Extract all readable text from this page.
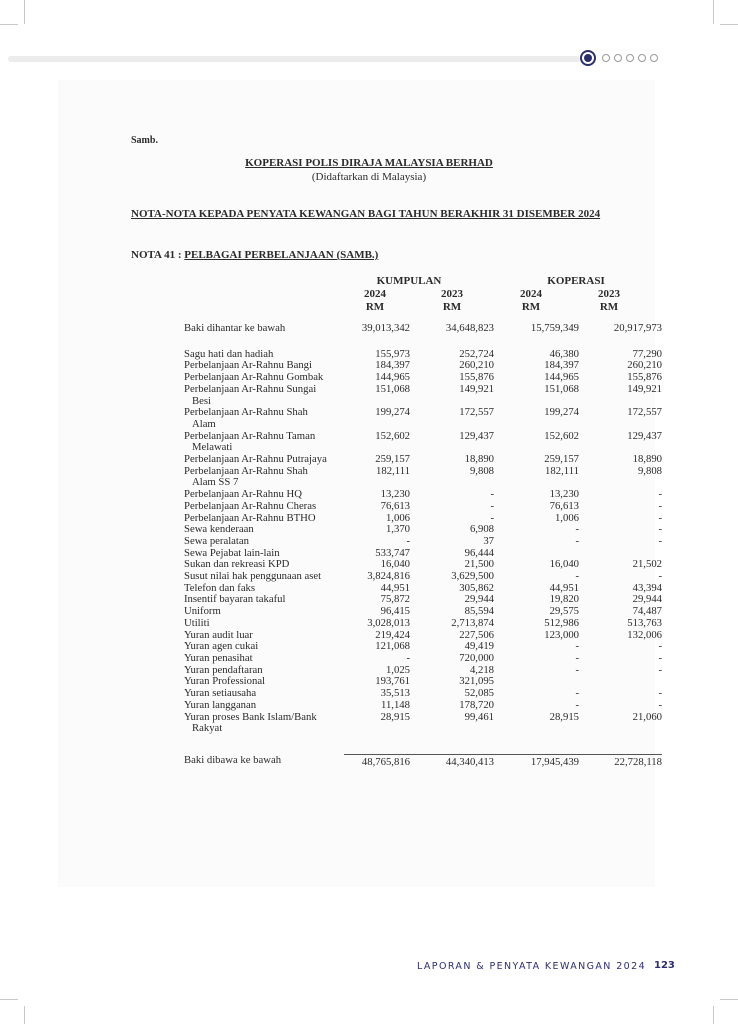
Samb.
KOPERASI POLIS DIRAJA MALAYSIA BERHAD
(Didaftarkan di Malaysia)
NOTA-NOTA KEPADA PENYATA KEWANGAN BAGI TAHUN BERAKHIR 31 DISEMBER 2024
NOTA 41 : PELBAGAI PERBELANJAAN (SAMB.)
KUMPULAN	KOPERASI
2024	2023	2024	2023
RM	RM	RM	RM
Baki dihantar ke bawah	39,013,342	34,648,823	15,759,349	20,917,973

Sagu hati dan hadiah	155,973	252,724	46,380	77,290
Perbelanjaan Ar-Rahnu Bangi	184,397	260,210	184,397	260,210
Perbelanjaan Ar-Rahnu Gombak	144,965	155,876	144,965	155,876
Perbelanjaan Ar-Rahnu Sungai
Besi	151,068	149,921	151,068	149,921
Perbelanjaan Ar-Rahnu Shah
Alam	199,274	172,557	199,274	172,557
Perbelanjaan Ar-Rahnu Taman
Melawati	152,602	129,437	152,602	129,437
Perbelanjaan Ar-Rahnu Putrajaya	259,157	18,890	259,157	18,890
Perbelanjaan Ar-Rahnu Shah
Alam SS 7	182,111	9,808	182,111	9,808
Perbelanjaan Ar-Rahnu HQ	13,230	-	13,230	-
Perbelanjaan Ar-Rahnu Cheras	76,613	-	76,613	-
Perbelanjaan Ar-Rahnu BTHO	1,006	-	1,006	-
Sewa kenderaan	1,370	6,908	-	-
Sewa peralatan	-	37	-	-
Sewa Pejabat lain-lain	533,747	96,444		
Sukan dan rekreasi KPD	16,040	21,500	16,040	21,502
Susut nilai hak penggunaan aset	3,824,816	3,629,500	-	-
Telefon dan faks	44,951	305,862	44,951	43,394
Insentif bayaran takaful	75,872	29,944	19,820	29,944
Uniform	96,415	85,594	29,575	74,487
Utiliti	3,028,013	2,713,874	512,986	513,763
Yuran audit luar	219,424	227,506	123,000	132,006
Yuran agen cukai	121,068	49,419	-	-
Yuran penasihat	-	720,000	-	-
Yuran pendaftaran	1,025	4,218	-	-
Yuran Professional	193,761	321,095		
Yuran setiausaha	35,513	52,085	-	-
Yuran langganan	11,148	178,720	-	-
Yuran proses Bank Islam/Bank
Rakyat	28,915	99,461	28,915	21,060

Baki dibawa ke bawah	48,765,816	44,340,413	17,945,439	22,728,118
LAPORAN & PENYATA KEWANGAN 2024 123
